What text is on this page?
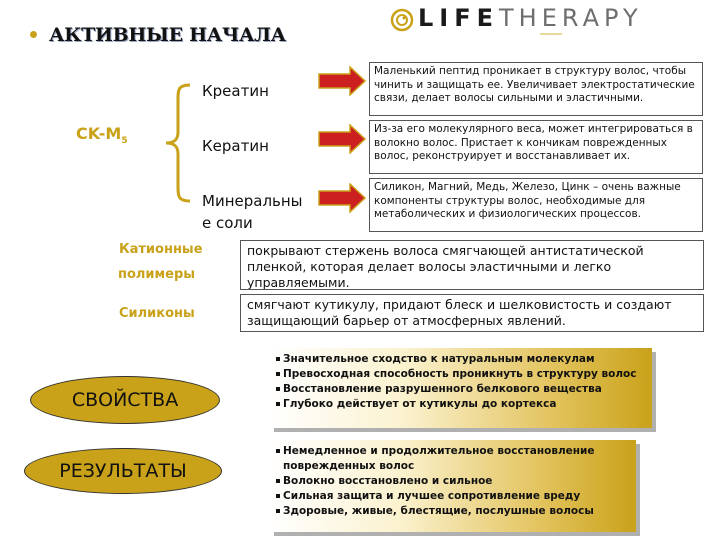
АКТИВНЫЕ НАЧАЛА
LIFETHERAPY
$CK-M_5$
Креатин
Кератин
Минеральны
е соли
Маленький пептид проникает в структуру волос, чтобы чинить и защищать ее. Увеличивает электростатические связи, делает волосы сильными и эластичными.
Из-за его молекулярного веса, может интегрироваться в волокно волос. Пристает к кончикам поврежденных волос, реконструирует и восстанавливает их.
Силикон, Магний, Медь, Железо, Цинк – очень важные компоненты структуры волос, необходимые для метаболических и физиологических процессов.
Катионные
полимеры
покрывают стержень волоса смягчающей антистатической пленкой, которая делает волосы эластичными и легко управляемыми.
Силиконы
смягчают кутикулу, придают блеск и шелковистость и создают защищающий барьер от атмосферных явлений.
СВОЙСТВА
Значительное сходство к натуральным молекулам
Превосходная способность проникнуть в структуру волос
Восстановление разрушенного белкового вещества
Глубоко действует от кутикулы до кортекса
РЕЗУЛЬТАТЫ
Немедленное и продолжительное восстановление поврежденных волос
Волокно восстановлено и сильное
Сильная защита и лучшее сопротивление вреду
Здоровые, живые, блестящие, послушные волосы
